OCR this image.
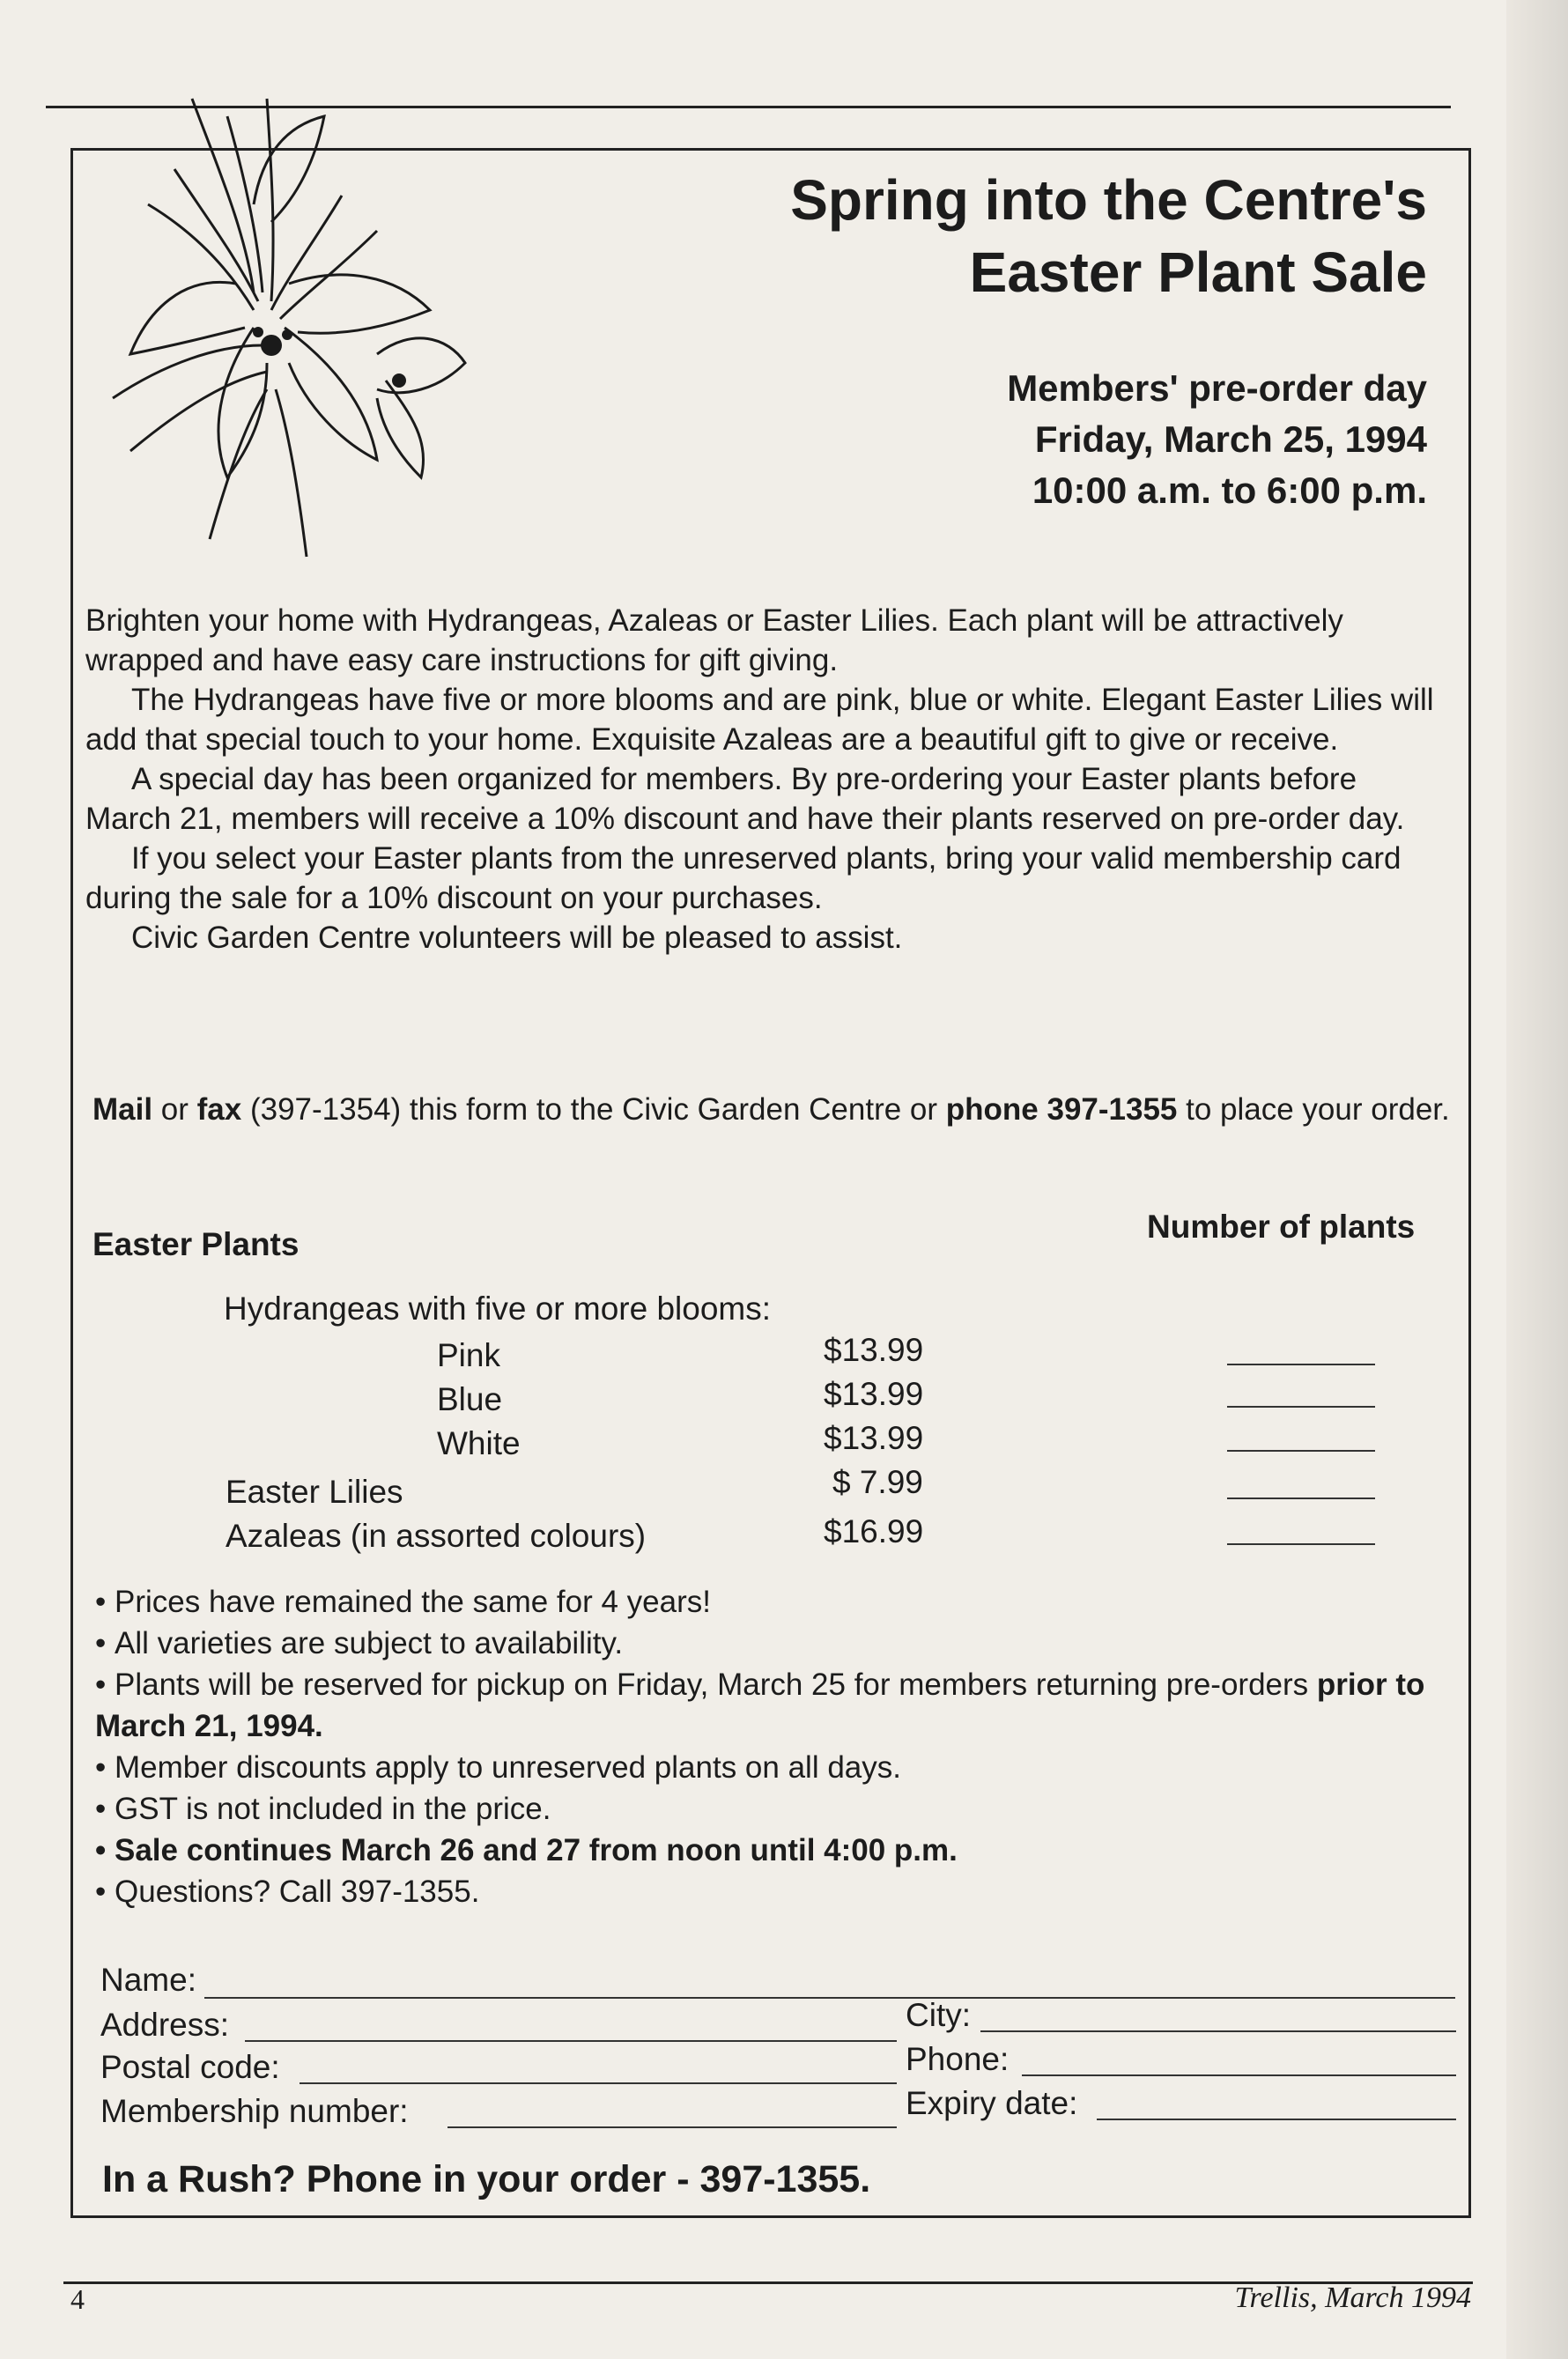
Spring into the Centre's
Easter Plant Sale
Members' pre-order day
Friday, March 25, 1994
10:00 a.m. to 6:00 p.m.

Brighten your home with Hydrangeas, Azaleas or Easter Lilies. Each plant will be attractively wrapped and have easy care instructions for gift giving.

The Hydrangeas have five or more blooms and are pink, blue or white. Elegant Easter Lilies will add that special touch to your home. Exquisite Azaleas are a beautiful gift to give or receive.

A special day has been organized for members. By pre-ordering your Easter plants before March 21, members will receive a 10% discount and have their plants reserved on pre-order day.

If you select your Easter plants from the unreserved plants, bring your valid membership card during the sale for a 10% discount on your purchases.

Civic Garden Centre volunteers will be pleased to assist.

Mail or fax (397-1354) this form to the Civic Garden Centre or phone 397-1355 to place your order.
Easter Plants	Number of plants
Hydrangeas with five or more blooms:
Pink	$13.99
Blue	$13.99
White	$13.99
Easter Lilies	$ 7.99
Azaleas (in assorted colours)	$16.99
• Prices have remained the same for 4 years!
• All varieties are subject to availability.
• Plants will be reserved for pickup on Friday, March 25 for members returning pre-orders prior to March 21, 1994.
• Member discounts apply to unreserved plants on all days.
• GST is not included in the price.
• Sale continues March 26 and 27 from noon until 4:00 p.m.
• Questions? Call 397-1355.
Name:
Address:	City:
Postal code:	Phone:
Membership number:	Expiry date:
In a Rush? Phone in your order - 397-1355.
4	Trellis, March 1994
